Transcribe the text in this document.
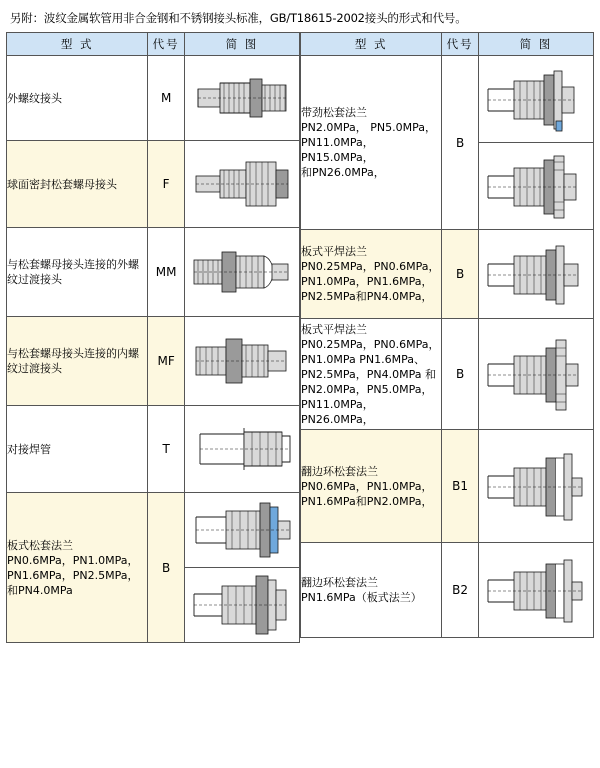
另附：波纹金属软管用非合金钢和不锈钢接头标准，GB/T18615-2002接头的形式和代号。
型 式	代号	简 图
外螺纹接头	M	

球面密封松套螺母接头	F	

与松套螺母接头连接的外螺纹过渡接头	MM	

与松套螺母接头连接的内螺纹过渡接头	MF	

对接焊管	T	

板式松套法兰
PN0.6MPa，PN1.0MPa，
PN1.6MPa，PN2.5MPa，
和PN4.0MPa
	B	

型 式	代号	简 图

带劲松套法兰
PN2.0MPa， PN5.0MPa，
PN11.0MPa，PN15.0MPa，
和PN26.0MPa，
	B	

板式平焊法兰
PN0.25MPa，PN0.6MPa，
PN1.0MPa，PN1.6MPa，
PN2.5MPa和PN4.0MPa，
	B	

板式平焊法兰
PN0.25MPa，PN0.6MPa，
PN1.0MPa PN1.6MPa、
PN2.5MPa，PN4.0MPa 和
PN2.0MPa，PN5.0MPa，
PN11.0MPa，PN26.0MPa，
	B	

翻边环松套法兰
PN0.6MPa，PN1.0MPa，
PN1.6MPa和PN2.0MPa，
	B1	

翻边环松套法兰
PN1.6MPa（板式法兰）
	B2	
